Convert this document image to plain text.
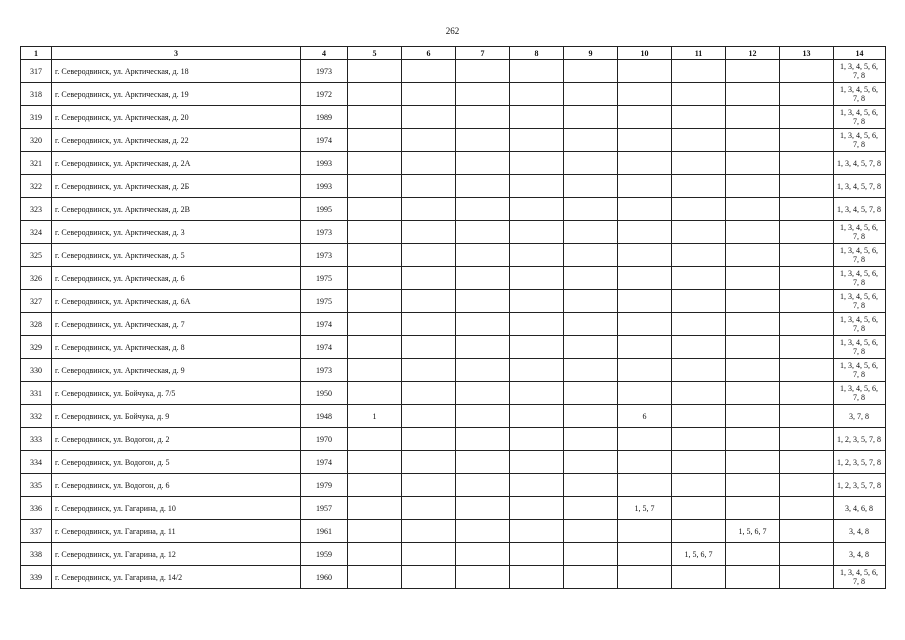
262
1	3	4	5	6	7	8	9	10	11	12	13	14
317	г. Северодвинск, ул. Арктическая, д. 18	1973										1, 3, 4, 5, 6, 7, 8
318	г. Северодвинск, ул. Арктическая, д. 19	1972										1, 3, 4, 5, 6, 7, 8
319	г. Северодвинск, ул. Арктическая, д. 20	1989										1, 3, 4, 5, 6, 7, 8
320	г. Северодвинск, ул. Арктическая, д. 22	1974										1, 3, 4, 5, 6, 7, 8
321	г. Северодвинск, ул. Арктическая, д. 2А	1993										1, 3, 4, 5, 7, 8
322	г. Северодвинск, ул. Арктическая, д. 2Б	1993										1, 3, 4, 5, 7, 8
323	г. Северодвинск, ул. Арктическая, д. 2В	1995										1, 3, 4, 5, 7, 8
324	г. Северодвинск, ул. Арктическая, д. 3	1973										1, 3, 4, 5, 6, 7, 8
325	г. Северодвинск, ул. Арктическая, д. 5	1973										1, 3, 4, 5, 6, 7, 8
326	г. Северодвинск, ул. Арктическая, д. 6	1975										1, 3, 4, 5, 6, 7, 8
327	г. Северодвинск, ул. Арктическая, д. 6А	1975										1, 3, 4, 5, 6, 7, 8
328	г. Северодвинск, ул. Арктическая, д. 7	1974										1, 3, 4, 5, 6, 7, 8
329	г. Северодвинск, ул. Арктическая, д. 8	1974										1, 3, 4, 5, 6, 7, 8
330	г. Северодвинск, ул. Арктическая, д. 9	1973										1, 3, 4, 5, 6, 7, 8
331	г. Северодвинск, ул. Бойчука, д. 7/5	1950										1, 3, 4, 5, 6, 7, 8
332	г. Северодвинск, ул. Бойчука, д. 9	1948	1					6				3, 7, 8
333	г. Северодвинск, ул. Водогон, д. 2	1970										1, 2, 3, 5, 7, 8
334	г. Северодвинск, ул. Водогон, д. 5	1974										1, 2, 3, 5, 7, 8
335	г. Северодвинск, ул. Водогон, д. 6	1979										1, 2, 3, 5, 7, 8
336	г. Северодвинск, ул. Гагарина, д. 10	1957						1, 5, 7				3, 4, 6, 8
337	г. Северодвинск, ул. Гагарина, д. 11	1961								1, 5, 6, 7		3, 4, 8
338	г. Северодвинск, ул. Гагарина, д. 12	1959							1, 5, 6, 7			3, 4, 8
339	г. Северодвинск, ул. Гагарина, д. 14/2	1960										1, 3, 4, 5, 6, 7, 8
